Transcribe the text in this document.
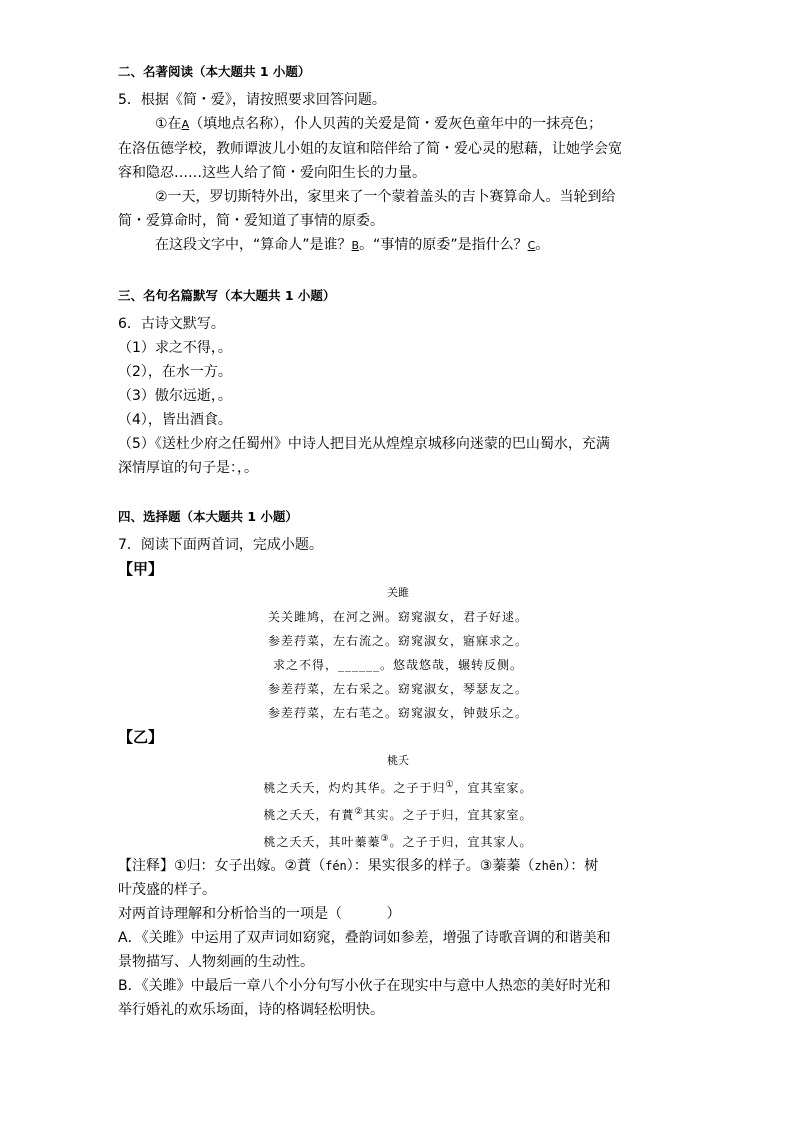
二、名著阅读（本大题共 1 小题）
5．根据《简・爱》，请按照要求回答问题。
①在A（填地点名称），仆人贝茜的关爱是简・爱灰色童年中的一抹亮色；
在洛伍德学校，教师谭波儿小姐的友谊和陪伴给了简・爱心灵的慰藉，让她学会宽
容和隐忍……这些人给了简・爱向阳生长的力量。
②一天，罗切斯特外出，家里来了一个蒙着盖头的吉卜赛算命人。当轮到给
简・爱算命时，简・爱知道了事情的原委。
在这段文字中，“算命人”是谁？B。“事情的原委”是指什么？C。
三、名句名篇默写（本大题共 1 小题）
6．古诗文默写。
（1）求之不得，。
（2），在水一方。
（3）傲尔远逝，。
（4），皆出酒食。
（5）《送杜少府之任蜀州》中诗人把目光从煌煌京城移向迷蒙的巴山蜀水，充满
深情厚谊的句子是：，。
四、选择题（本大题共 1 小题）
7．阅读下面两首词，完成小题。
【甲】
关雎
关关雎鸠，在河之洲。窈窕淑女，君子好逑。
参差荇菜，左右流之。窈窕淑女，寤寐求之。
求之不得，______。悠哉悠哉，辗转反侧。
参差荇菜，左右采之。窈窕淑女，琴瑟友之。
参差荇菜，左右芼之。窈窕淑女，钟鼓乐之。
【乙】
桃夭
桃之夭夭，灼灼其华。之子于归①，宜其室家。
桃之夭夭，有蕡②其实。之子于归，宜其家室。
桃之夭夭，其叶蓁蓁③。之子于归，宜其家人。
【注释】①归：女子出嫁。②蕡（fén）：果实很多的样子。③蓁蓁（zhēn）：树
叶茂盛的样子。
对两首诗理解和分析恰当的一项是（          ）
A．《关雎》中运用了双声词如窈窕，叠韵词如参差，增强了诗歌音调的和谐美和
景物描写、人物刻画的生动性。
B．《关雎》中最后一章八个小分句写小伙子在现实中与意中人热恋的美好时光和
举行婚礼的欢乐场面，诗的格调轻松明快。
